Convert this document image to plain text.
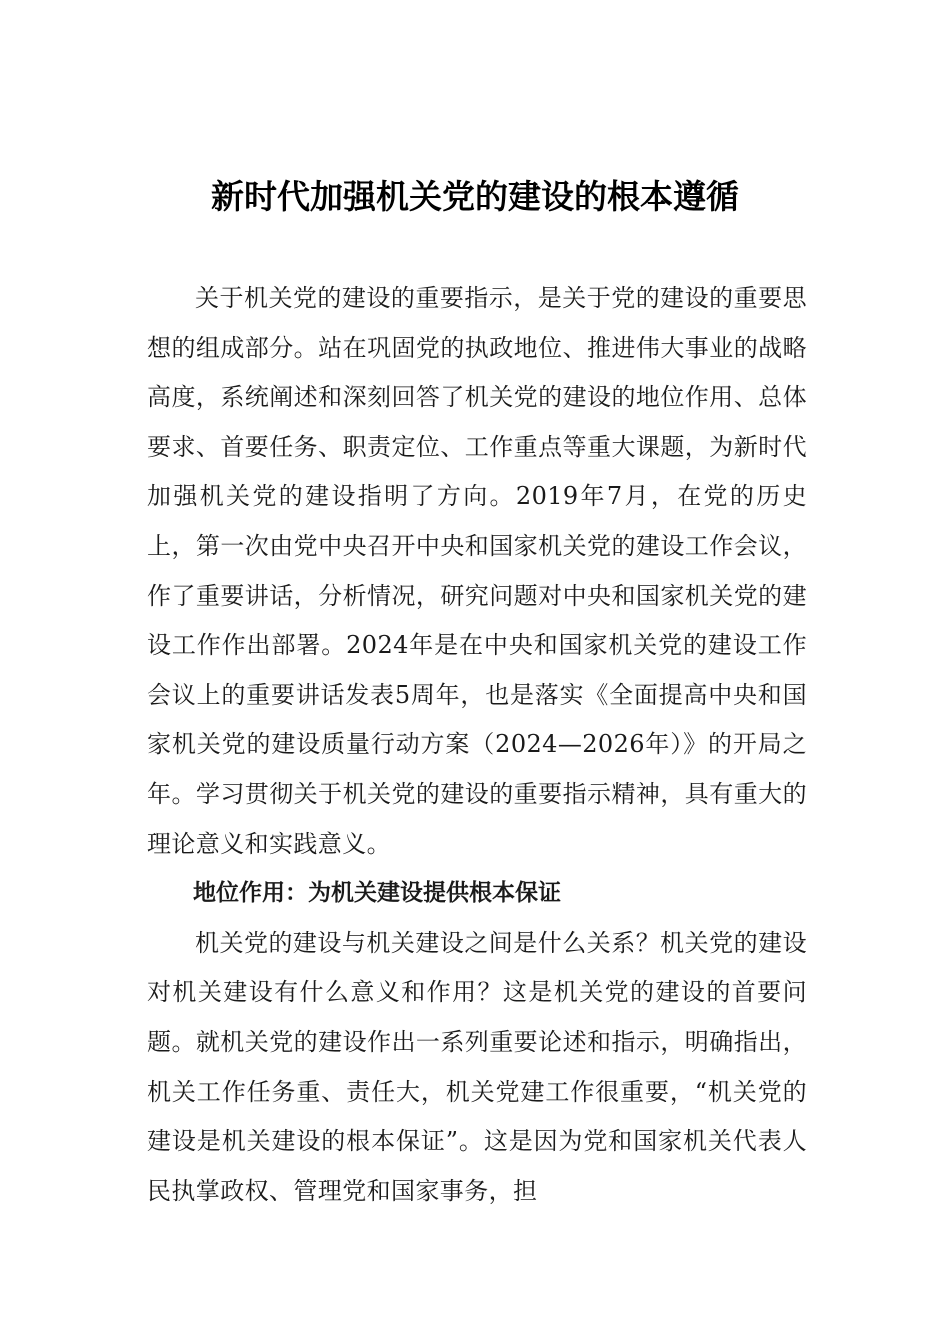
新时代加强机关党的建设的根本遵循

关于机关党的建设的重要指示，是关于党的建设的重要思想的组成部分。站在巩固党的执政地位、推进伟大事业的战略高度，系统阐述和深刻回答了机关党的建设的地位作用、总体要求、首要任务、职责定位、工作重点等重大课题，为新时代加强机关党的建设指明了方向。2019年7月，在党的历史上，第一次由党中央召开中央和国家机关党的建设工作会议，作了重要讲话，分析情况，研究问题对中央和国家机关党的建设工作作出部署。2024年是在中央和国家机关党的建设工作会议上的重要讲话发表5周年，也是落实《全面提高中央和国家机关党的建设质量行动方案（2024—2026年）》的开局之年。学习贯彻关于机关党的建设的重要指示精神，具有重大的理论意义和实践意义。

地位作用：为机关建设提供根本保证

机关党的建设与机关建设之间是什么关系？机关党的建设对机关建设有什么意义和作用？这是机关党的建设的首要问题。就机关党的建设作出一系列重要论述和指示，明确指出，机关工作任务重、责任大，机关党建工作很重要，“机关党的建设是机关建设的根本保证”。这是因为党和国家机关代表人民执掌政权、管理党和国家事务，担
